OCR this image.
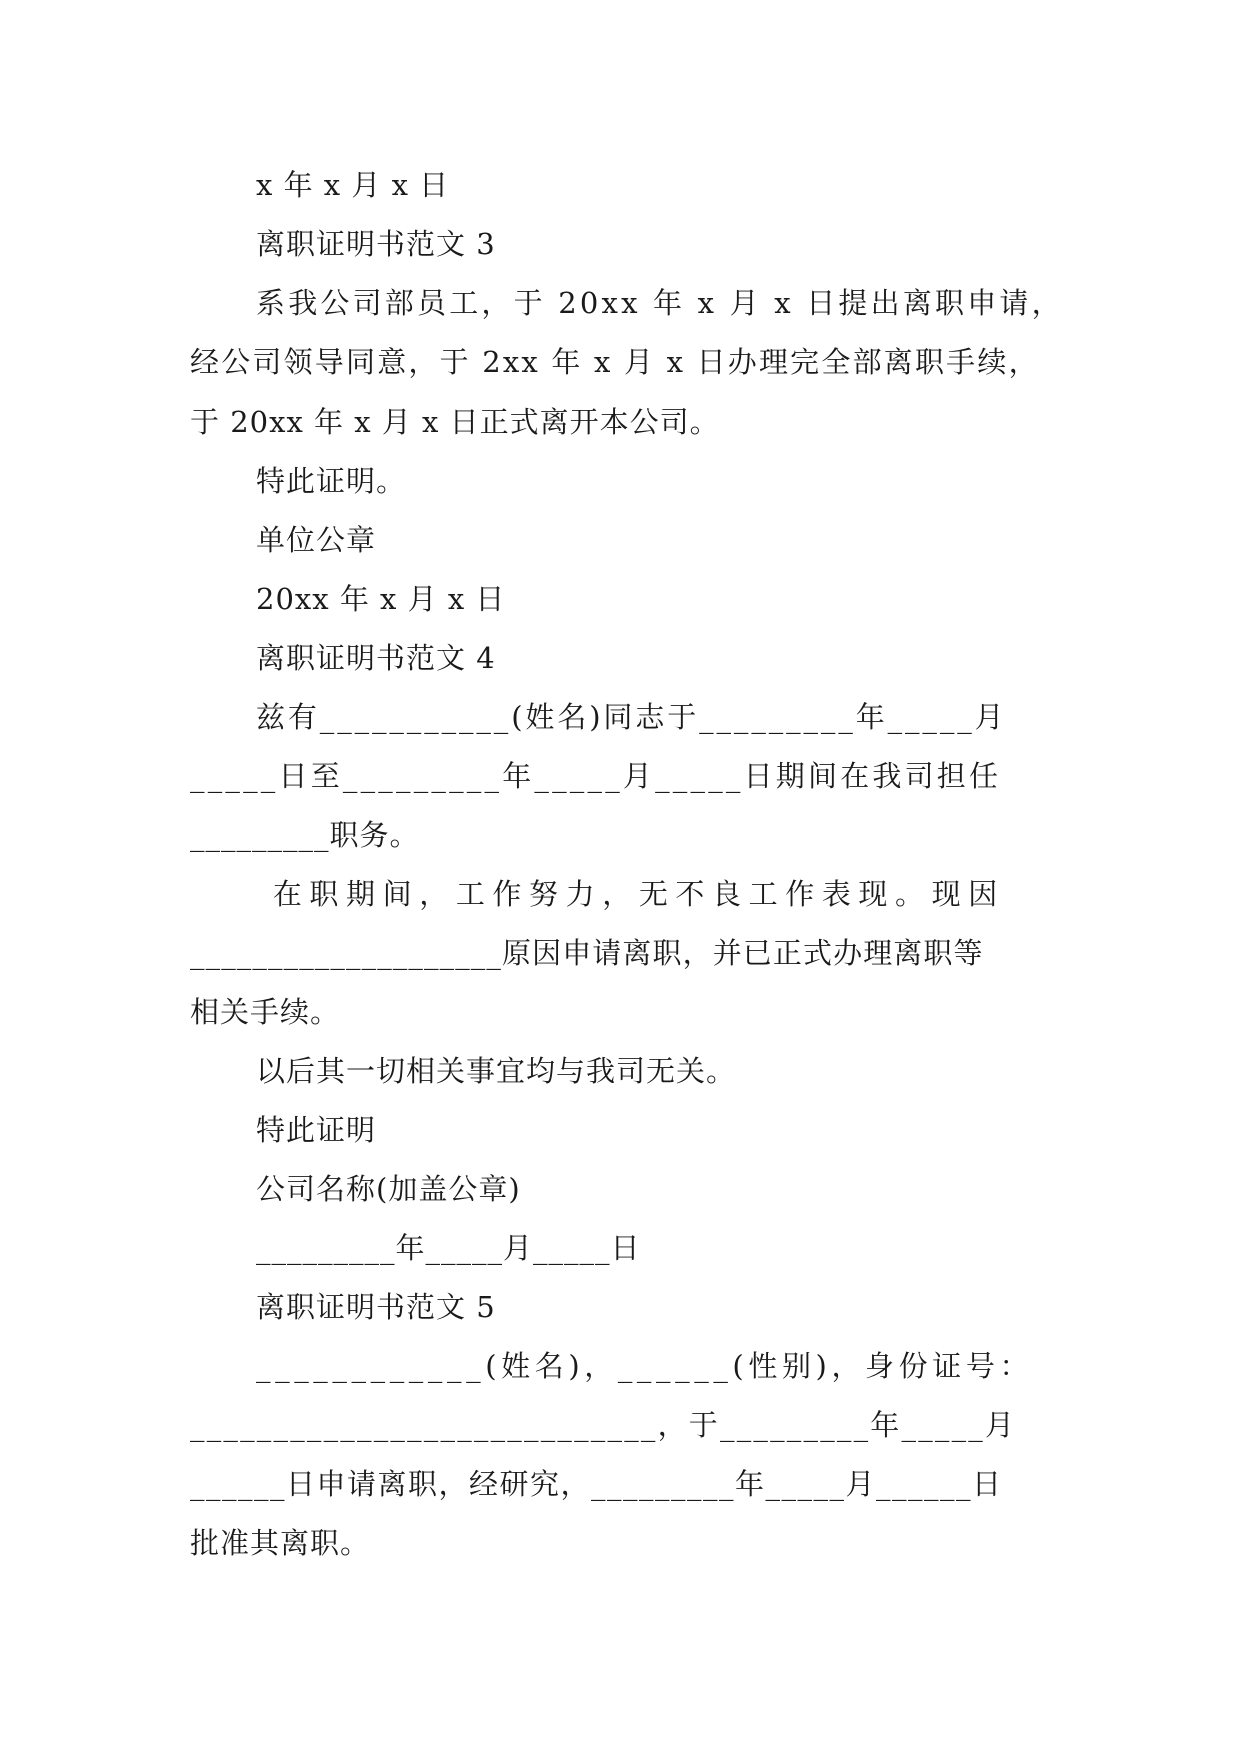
x 年 x 月 x 日
离职证明书范文 3
系我公司部员工，于 20xx 年 x 月 x 日提出离职申请，
经公司领导同意，于 2xx 年 x 月 x 日办理完全部离职手续，
于 20xx 年 x 月 x 日正式离开本公司。
特此证明。
单位公章
20xx 年 x 月 x 日
离职证明书范文 4
兹有___________(姓名)同志于_________年_____月
_____日至_________年_____月_____日期间在我司担任
_________职务。
在职期间，工作努力，无不良工作表现。现因
____________________原因申请离职，并已正式办理离职等
相关手续。
以后其一切相关事宜均与我司无关。
特此证明
公司名称(加盖公章)
_________年_____月_____日
离职证明书范文 5
____________(姓名)，______(性别)，身份证号：
____________________________，于_________年_____月
______日申请离职，经研究，_________年_____月______日
批准其离职。
